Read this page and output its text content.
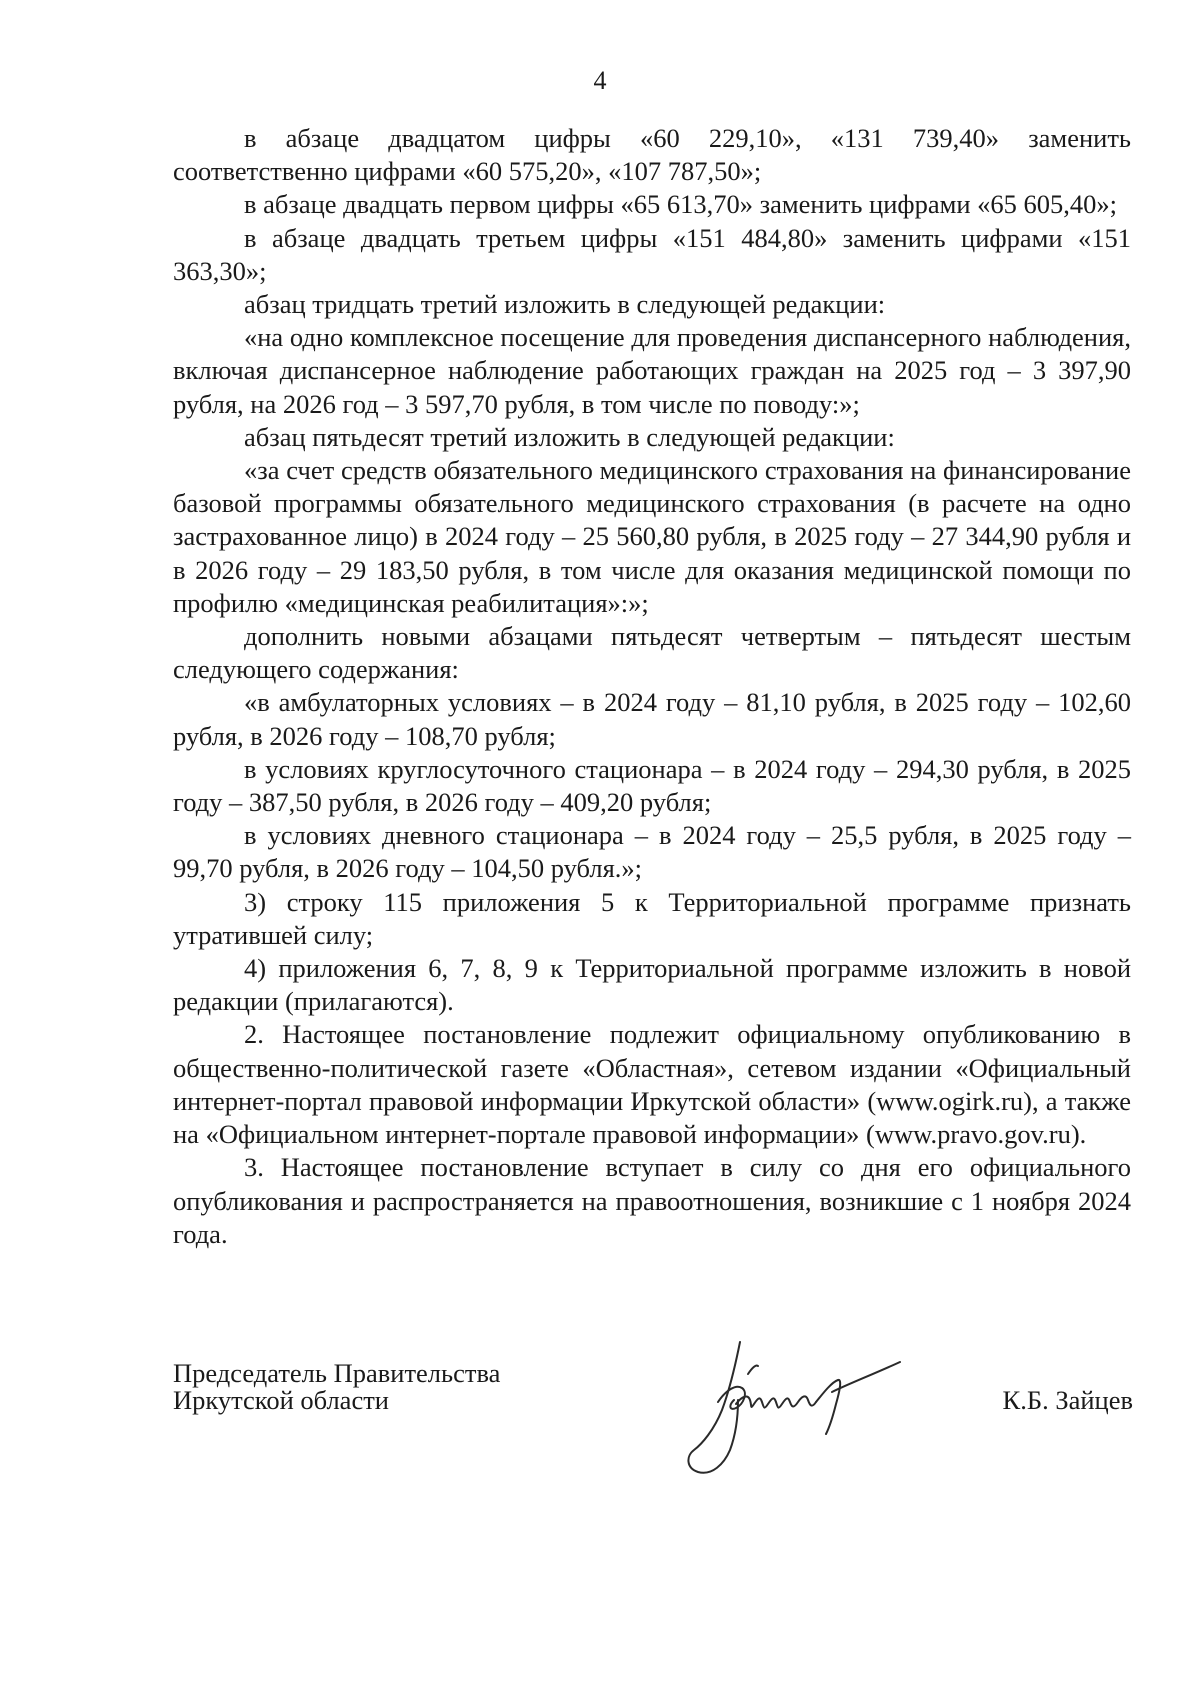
4

в абзаце двадцатом цифры «60 229,10», «131 739,40» заменить соответственно цифрами «60 575,20», «107 787,50»;

в абзаце двадцать первом цифры «65 613,70» заменить цифрами «65 605,40»;

в абзаце двадцать третьем цифры «151 484,80» заменить цифрами «151 363,30»;

абзац тридцать третий изложить в следующей редакции:

«на одно комплексное посещение для проведения диспансерного наблюдения, включая диспансерное наблюдение работающих граждан на 2025 год – 3 397,90 рубля, на 2026 год – 3 597,70 рубля, в том числе по поводу:»;

абзац пятьдесят третий изложить в следующей редакции:

«за счет средств обязательного медицинского страхования на финансирование базовой программы обязательного медицинского страхования (в расчете на одно застрахованное лицо) в 2024 году – 25 560,80 рубля, в 2025 году – 27 344,90 рубля и в 2026 году – 29 183,50 рубля, в том числе для оказания медицинской помощи по профилю «медицинская реабилитация»:»;

дополнить новыми абзацами пятьдесят четвертым – пятьдесят шестым следующего содержания:

«в амбулаторных условиях – в 2024 году – 81,10 рубля, в 2025 году – 102,60 рубля, в 2026 году – 108,70 рубля;

в условиях круглосуточного стационара – в 2024 году – 294,30 рубля, в 2025 году – 387,50 рубля, в 2026 году – 409,20 рубля;

в условиях дневного стационара – в 2024 году – 25,5 рубля, в 2025 году – 99,70 рубля, в 2026 году – 104,50 рубля.»;

3) строку 115 приложения 5 к Территориальной программе признать утратившей силу;

4) приложения 6, 7, 8, 9 к Территориальной программе изложить в новой редакции (прилагаются).

2. Настоящее постановление подлежит официальному опубликованию в общественно-политической газете «Областная», сетевом издании «Официальный интернет-портал правовой информации Иркутской области» (www.ogirk.ru), а также на «Официальном интернет-портале правовой информации» (www.pravo.gov.ru).

3. Настоящее постановление вступает в силу со дня его официального опубликования и распространяется на правоотношения, возникшие с 1 ноября 2024 года.

Председатель Правительства
Иркутской области	К.Б. Зайцев
